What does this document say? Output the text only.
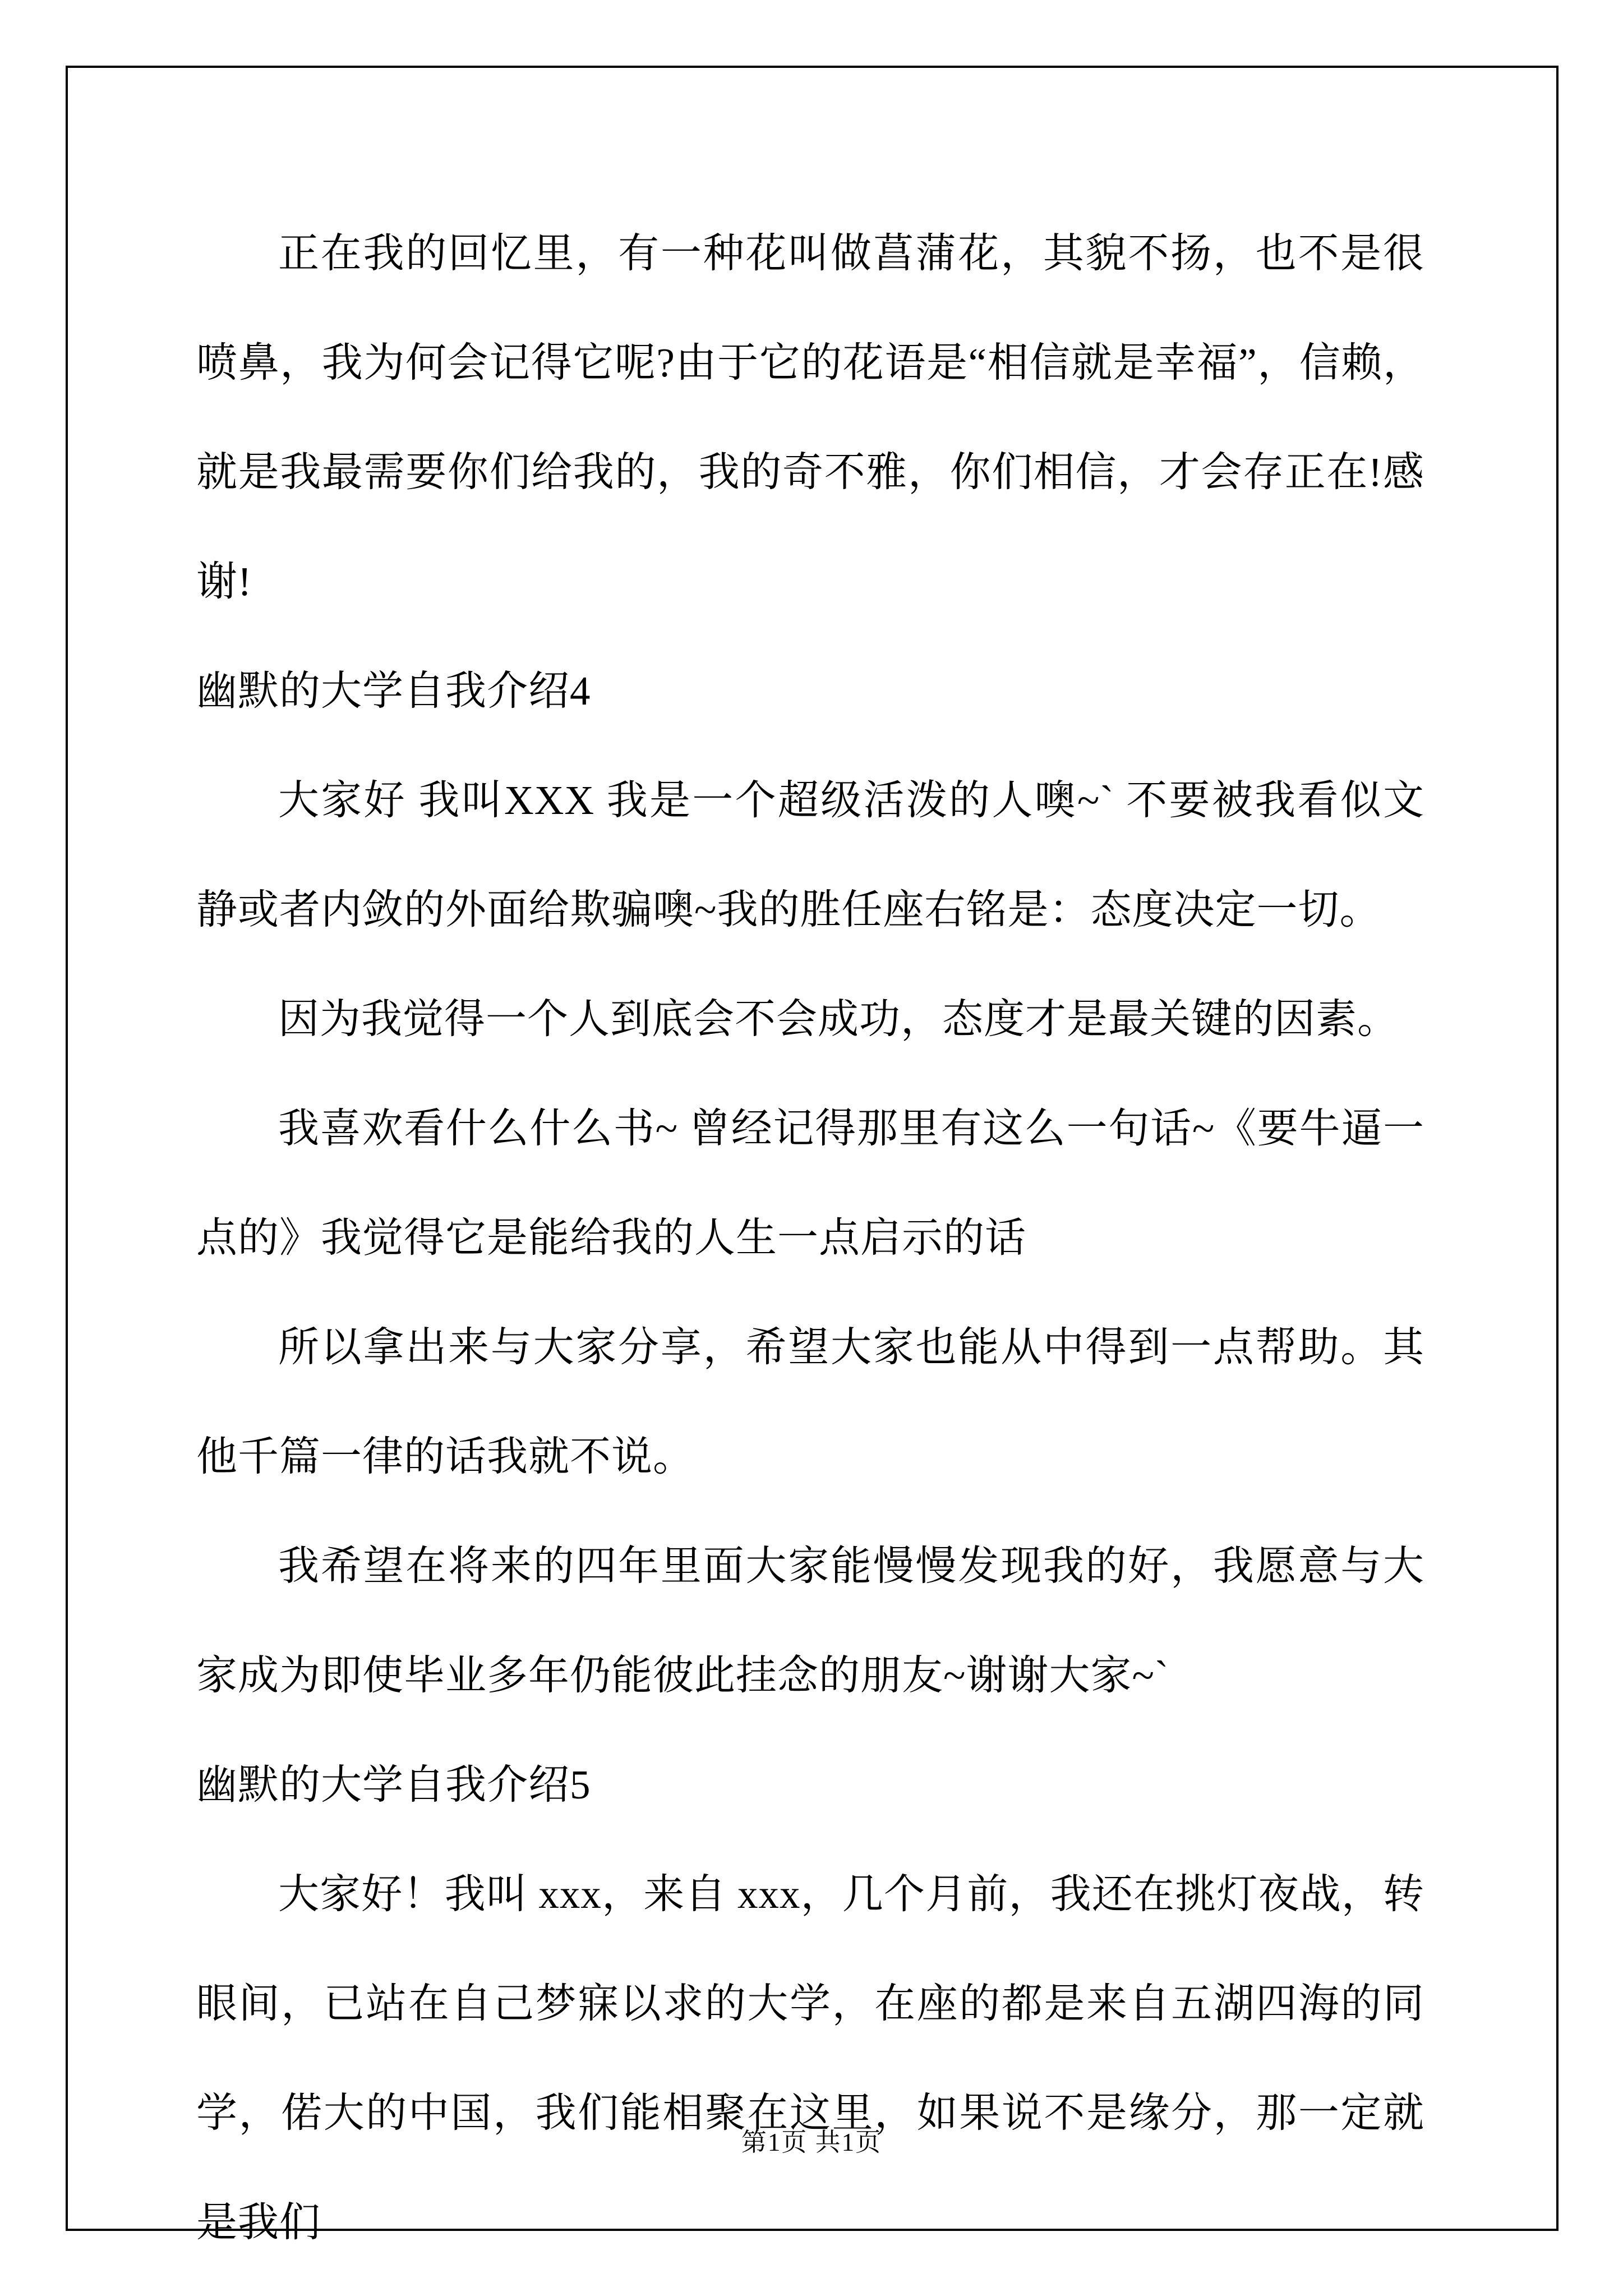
正在我的回忆里，有一种花叫做菖蒲花，其貌不扬，也不是很喷鼻，我为何会记得它呢?由于它的花语是“相信就是幸福”，信赖，就是我最需要你们给我的，我的奇不雅，你们相信，才会存正在!感谢!

幽默的大学自我介绍4

大家好 我叫XXX 我是一个超级活泼的人噢~` 不要被我看似文静或者内敛的外面给欺骗噢~我的胜任座右铭是：态度决定一切。

因为我觉得一个人到底会不会成功，态度才是最关键的因素。

我喜欢看什么什么书~ 曾经记得那里有这么一句话~《要牛逼一点的》我觉得它是能给我的人生一点启示的话

所以拿出来与大家分享，希望大家也能从中得到一点帮助。其他千篇一律的话我就不说。

我希望在将来的四年里面大家能慢慢发现我的好，我愿意与大家成为即使毕业多年仍能彼此挂念的朋友~谢谢大家~`

幽默的大学自我介绍5

大家好！我叫 xxx，来自 xxx，几个月前，我还在挑灯夜战，转眼间，已站在自己梦寐以求的大学，在座的都是来自五湖四海的同学，偌大的中国，我们能相聚在这里，如果说不是缘分，那一定就是我们

第1页 共1页
